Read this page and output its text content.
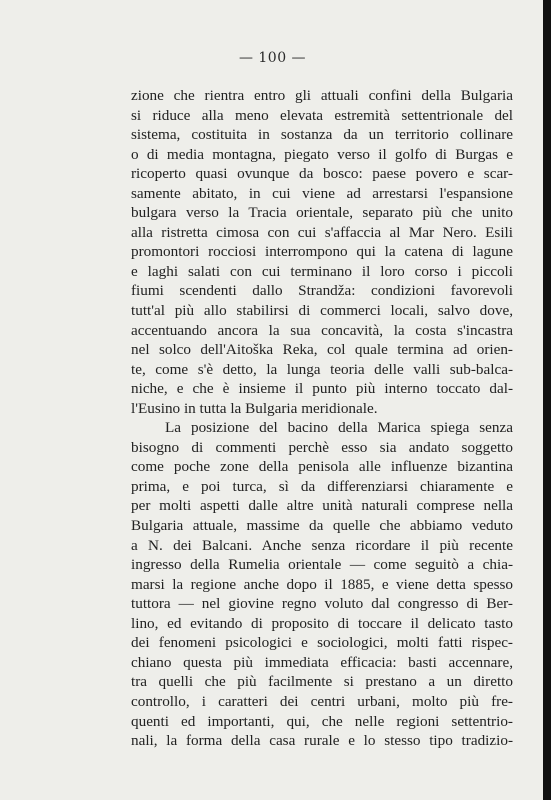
— 100 —
zione che rientra entro gli attuali confini della Bulgaria
si riduce alla meno elevata estremità settentrionale del
sistema, costituita in sostanza da un territorio collinare
o di media montagna, piegato verso il golfo di Burgas e
ricoperto quasi ovunque da bosco: paese povero e scar-
samente abitato, in cui viene ad arrestarsi l'espansione
bulgara verso la Tracia orientale, separato più che unito
alla ristretta cimosa con cui s'affaccia al Mar Nero. Esili
promontori rocciosi interrompono qui la catena di lagune
e laghi salati con cui terminano il loro corso i piccoli
fiumi scendenti dallo Strandža: condizioni favorevoli
tutt'al più allo stabilirsi di commerci locali, salvo dove,
accentuando ancora la sua concavità, la costa s'incastra
nel solco dell'Aitoška Reka, col quale termina ad orien-
te, come s'è detto, la lunga teoria delle valli sub-balca-
niche, e che è insieme il punto più interno toccato dal-
l'Eusino in tutta la Bulgaria meridionale.
La posizione del bacino della Marica spiega senza
bisogno di commenti perchè esso sia andato soggetto
come poche zone della penisola alle influenze bizantina
prima, e poi turca, sì da differenziarsi chiaramente e
per molti aspetti dalle altre unità naturali comprese nella
Bulgaria attuale, massime da quelle che abbiamo veduto
a N. dei Balcani. Anche senza ricordare il più recente
ingresso della Rumelia orientale — come seguitò a chia-
marsi la regione anche dopo il 1885, e viene detta spesso
tuttora — nel giovine regno voluto dal congresso di Ber-
lino, ed evitando di proposito di toccare il delicato tasto
dei fenomeni psicologici e sociologici, molti fatti rispec-
chiano questa più immediata efficacia: basti accennare,
tra quelli che più facilmente si prestano a un diretto
controllo, i caratteri dei centri urbani, molto più fre-
quenti ed importanti, qui, che nelle regioni settentrio-
nali, la forma della casa rurale e lo stesso tipo tradizio-
